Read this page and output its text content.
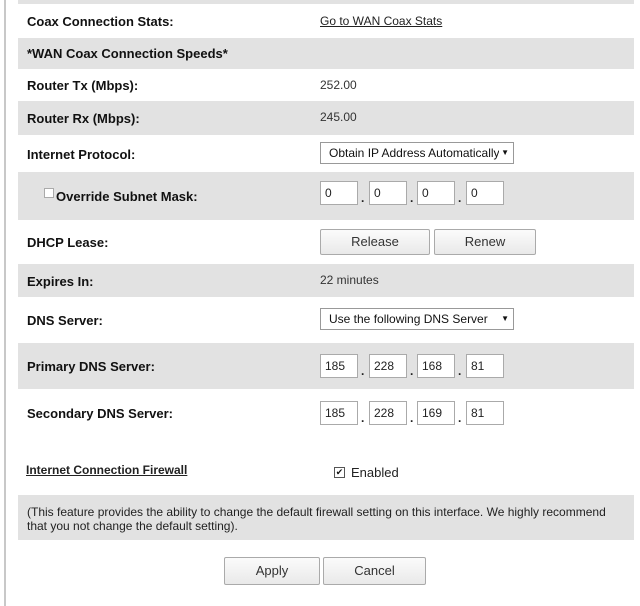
Coax Connection Stats:	Go to WAN Coax Stats
*WAN Coax Connection Speeds*
Router Tx (Mbps):	252.00
Router Rx (Mbps):	245.00
Internet Protocol:	Obtain IP Address Automatically ▼
Override Subnet Mask:	0	. 0	. 0	. 0
DHCP Lease:	Release	Renew
Expires In:	22 minutes
DNS Server:	Use the following DNS Server ▼
Primary DNS Server:	185	. 228	. 168	. 81
Secondary DNS Server:	185	. 228	. 169	. 81
Internet Connection Firewall	✔ Enabled
(This feature provides the ability to change the default firewall setting on this interface. We highly recommend that you not change the default setting).
Apply	Cancel
